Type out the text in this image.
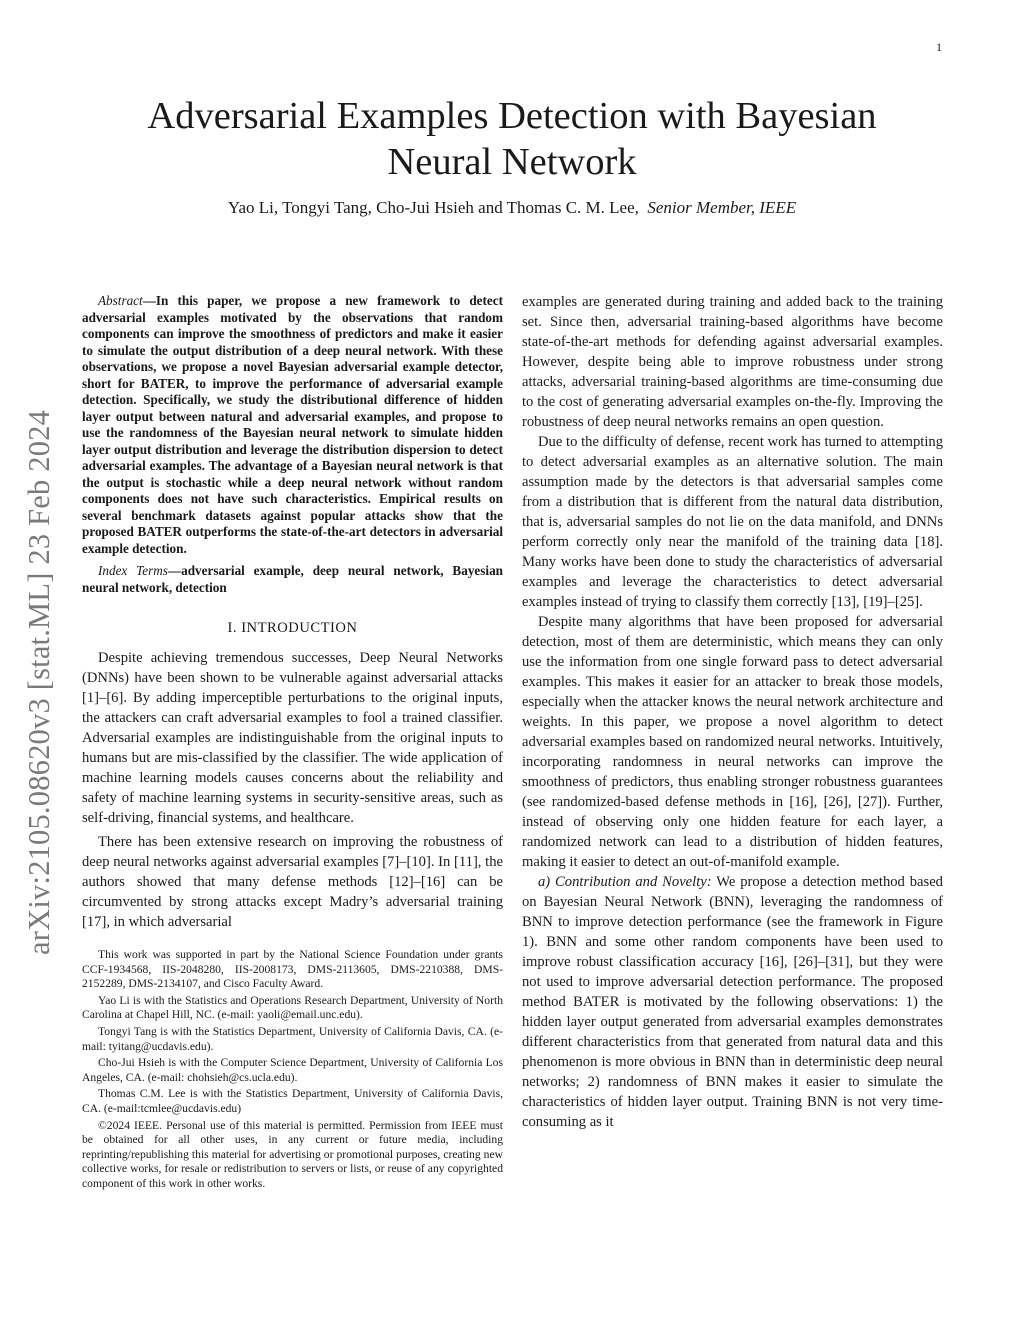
1
arXiv:2105.08620v3 [stat.ML] 23 Feb 2024
Adversarial Examples Detection with Bayesian Neural Network
Yao Li, Tongyi Tang, Cho-Jui Hsieh and Thomas C. M. Lee, Senior Member, IEEE

Abstract—In this paper, we propose a new framework to detect adversarial examples motivated by the observations that random components can improve the smoothness of predictors and make it easier to simulate the output distribution of a deep neural network. With these observations, we propose a novel Bayesian adversarial example detector, short for BATER, to improve the performance of adversarial example detection. Specifically, we study the distributional difference of hidden layer output between natural and adversarial examples, and propose to use the randomness of the Bayesian neural network to simulate hidden layer output distribution and leverage the distribution dispersion to detect adversarial examples. The advantage of a Bayesian neural network is that the output is stochastic while a deep neural network without random components does not have such characteristics. Empirical results on several benchmark datasets against popular attacks show that the proposed BATER outperforms the state-of-the-art detectors in adversarial example detection.

Index Terms—adversarial example, deep neural network, Bayesian neural network, detection

I. INTRODUCTION

Despite achieving tremendous successes, Deep Neural Networks (DNNs) have been shown to be vulnerable against adversarial attacks [1]–[6]. By adding imperceptible perturbations to the original inputs, the attackers can craft adversarial examples to fool a trained classifier. Adversarial examples are indistinguishable from the original inputs to humans but are mis-classified by the classifier. The wide application of machine learning models causes concerns about the reliability and safety of machine learning systems in security-sensitive areas, such as self-driving, financial systems, and healthcare.

There has been extensive research on improving the robustness of deep neural networks against adversarial examples [7]–[10]. In [11], the authors showed that many defense methods [12]–[16] can be circumvented by strong attacks except Madry’s adversarial training [17], in which adversarial

This work was supported in part by the National Science Foundation under grants CCF-1934568, IIS-2048280, IIS-2008173, DMS-2113605, DMS-2210388, DMS-2152289, DMS-2134107, and Cisco Faculty Award.

Yao Li is with the Statistics and Operations Research Department, University of North Carolina at Chapel Hill, NC. (e-mail: yaoli@email.unc.edu).

Tongyi Tang is with the Statistics Department, University of California Davis, CA. (e-mail: tyitang@ucdavis.edu).

Cho-Jui Hsieh is with the Computer Science Department, University of California Los Angeles, CA. (e-mail: chohsieh@cs.ucla.edu).

Thomas C.M. Lee is with the Statistics Department, University of California Davis, CA. (e-mail:tcmlee@ucdavis.edu)

©2024 IEEE. Personal use of this material is permitted. Permission from IEEE must be obtained for all other uses, in any current or future media, including reprinting/republishing this material for advertising or promotional purposes, creating new collective works, for resale or redistribution to servers or lists, or reuse of any copyrighted component of this work in other works.

examples are generated during training and added back to the training set. Since then, adversarial training-based algorithms have become state-of-the-art methods for defending against adversarial examples. However, despite being able to improve robustness under strong attacks, adversarial training-based algorithms are time-consuming due to the cost of generating adversarial examples on-the-fly. Improving the robustness of deep neural networks remains an open question.

Due to the difficulty of defense, recent work has turned to attempting to detect adversarial examples as an alternative solution. The main assumption made by the detectors is that adversarial samples come from a distribution that is different from the natural data distribution, that is, adversarial samples do not lie on the data manifold, and DNNs perform correctly only near the manifold of the training data [18]. Many works have been done to study the characteristics of adversarial examples and leverage the characteristics to detect adversarial examples instead of trying to classify them correctly [13], [19]–[25].

Despite many algorithms that have been proposed for adversarial detection, most of them are deterministic, which means they can only use the information from one single forward pass to detect adversarial examples. This makes it easier for an attacker to break those models, especially when the attacker knows the neural network architecture and weights. In this paper, we propose a novel algorithm to detect adversarial examples based on randomized neural networks. Intuitively, incorporating randomness in neural networks can improve the smoothness of predictors, thus enabling stronger robustness guarantees (see randomized-based defense methods in [16], [26], [27]). Further, instead of observing only one hidden feature for each layer, a randomized network can lead to a distribution of hidden features, making it easier to detect an out-of-manifold example.

a) Contribution and Novelty: We propose a detection method based on Bayesian Neural Network (BNN), leveraging the randomness of BNN to improve detection performance (see the framework in Figure 1). BNN and some other random components have been used to improve robust classification accuracy [16], [26]–[31], but they were not used to improve adversarial detection performance. The proposed method BATER is motivated by the following observations: 1) the hidden layer output generated from adversarial examples demonstrates different characteristics from that generated from natural data and this phenomenon is more obvious in BNN than in deterministic deep neural networks; 2) randomness of BNN makes it easier to simulate the characteristics of hidden layer output. Training BNN is not very time-consuming as it
